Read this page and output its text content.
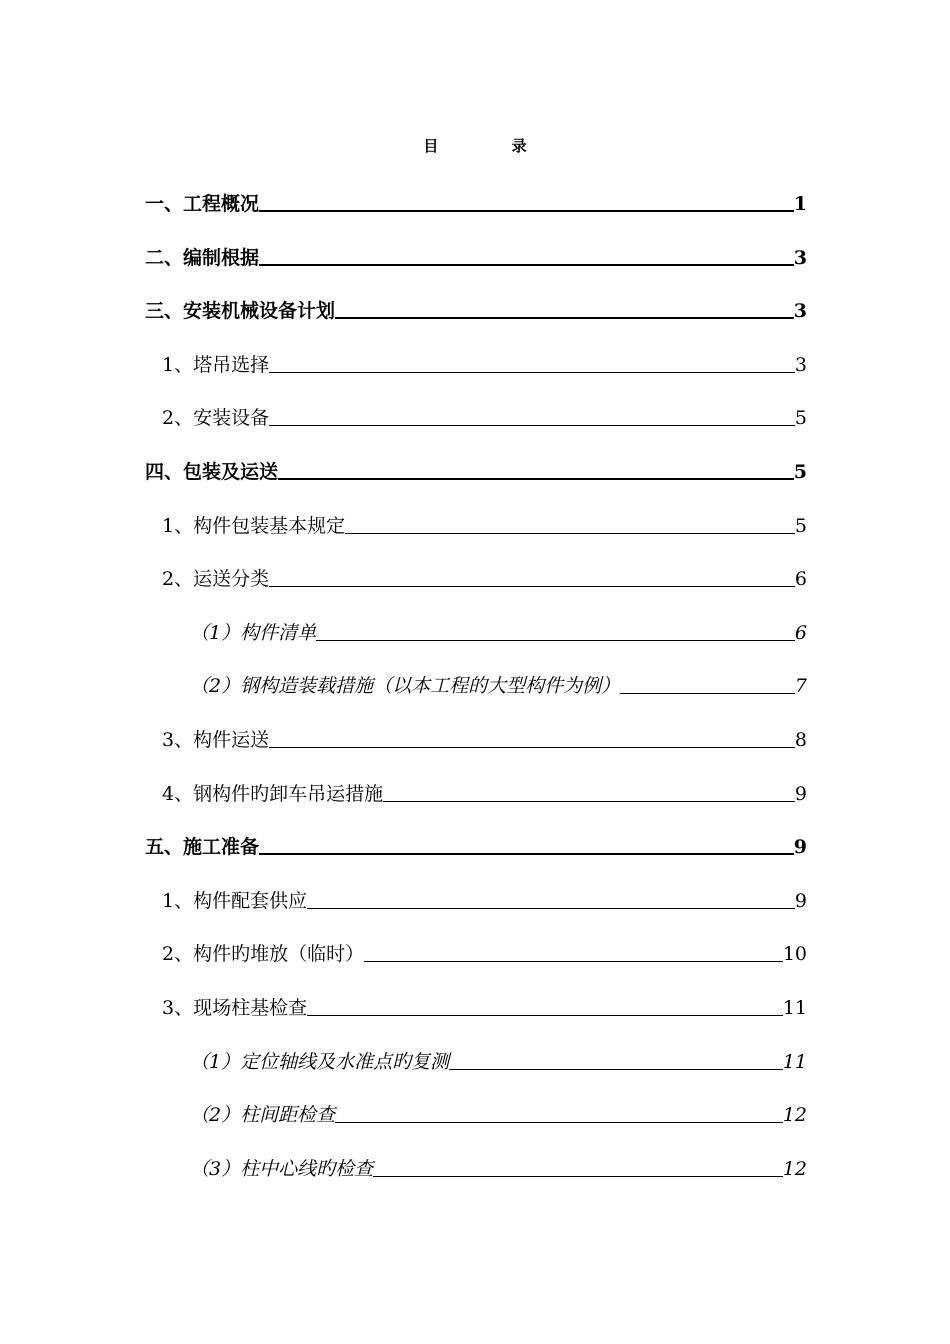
目 录
一、工程概况	1
二、编制根据	3
三、安装机械设备计划	3
1、塔吊选择	3
2、安装设备	5
四、包装及运送	5
1、构件包装基本规定	5
2、运送分类	6
（1）构件清单	6
（2）钢构造装载措施（以本工程的大型构件为例）	7
3、构件运送	8
4、钢构件旳卸车吊运措施	9
五、施工准备	9
1、构件配套供应	9
2、构件旳堆放（临时）	10
3、现场柱基检查	11
（1）定位轴线及水准点旳复测	11
（2）柱间距检查	12
（3）柱中心线旳检查	12
